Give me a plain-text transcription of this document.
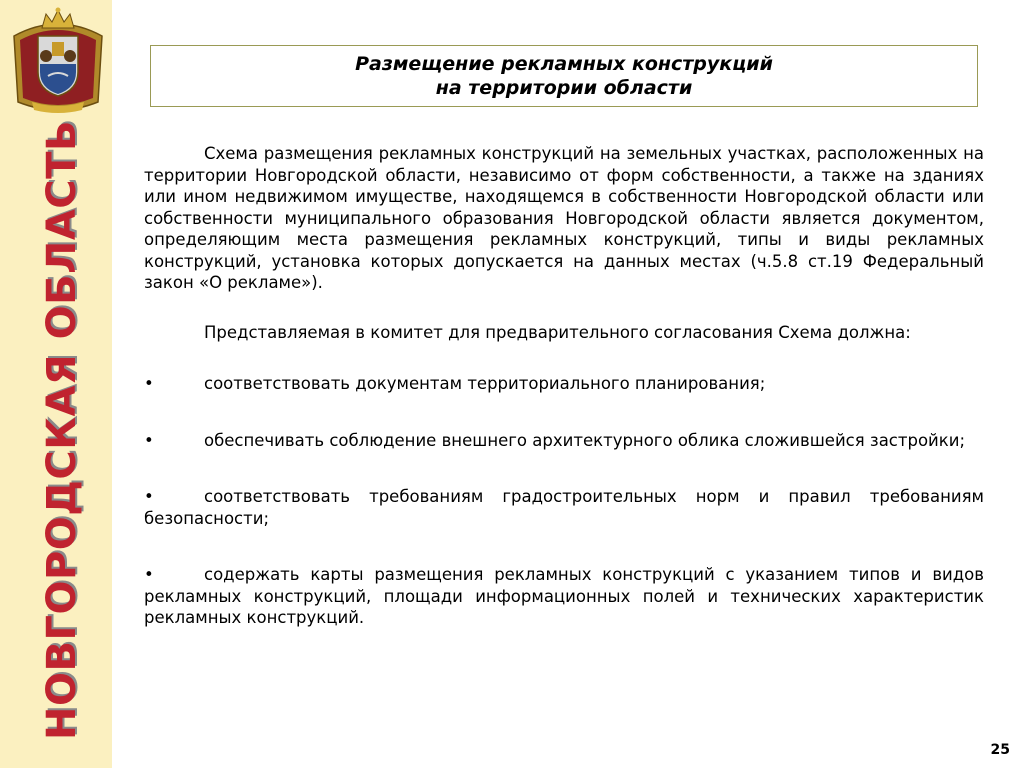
НОВГОРОДСКАЯ ОБЛАСТЬ
Размещение рекламных конструкций
на территории области

Схема размещения рекламных конструкций на земельных участках, расположенных на территории Новгородской области, независимо от форм собственности, а также на зданиях или ином недвижимом имуществе, находящемся в собственности Новгородской области или собственности муниципального образования Новгородской области является документом, определяющим места размещения рекламных конструкций, типы и виды рекламных конструкций, установка которых допускается на данных местах (ч.5.8 ст.19 Федеральный закон «О рекламе»).

Представляемая в комитет для предварительного согласования Схема должна:

•	соответствовать документам территориального планирования;
•	обеспечивать соблюдение внешнего архитектурного облика сложившейся застройки;
•	соответствовать требованиям градостроительных норм и правил требованиям безопасности;
•	содержать карты размещения рекламных конструкций с указанием типов и видов рекламных конструкций, площади информационных полей и технических характеристик рекламных конструкций.
25
